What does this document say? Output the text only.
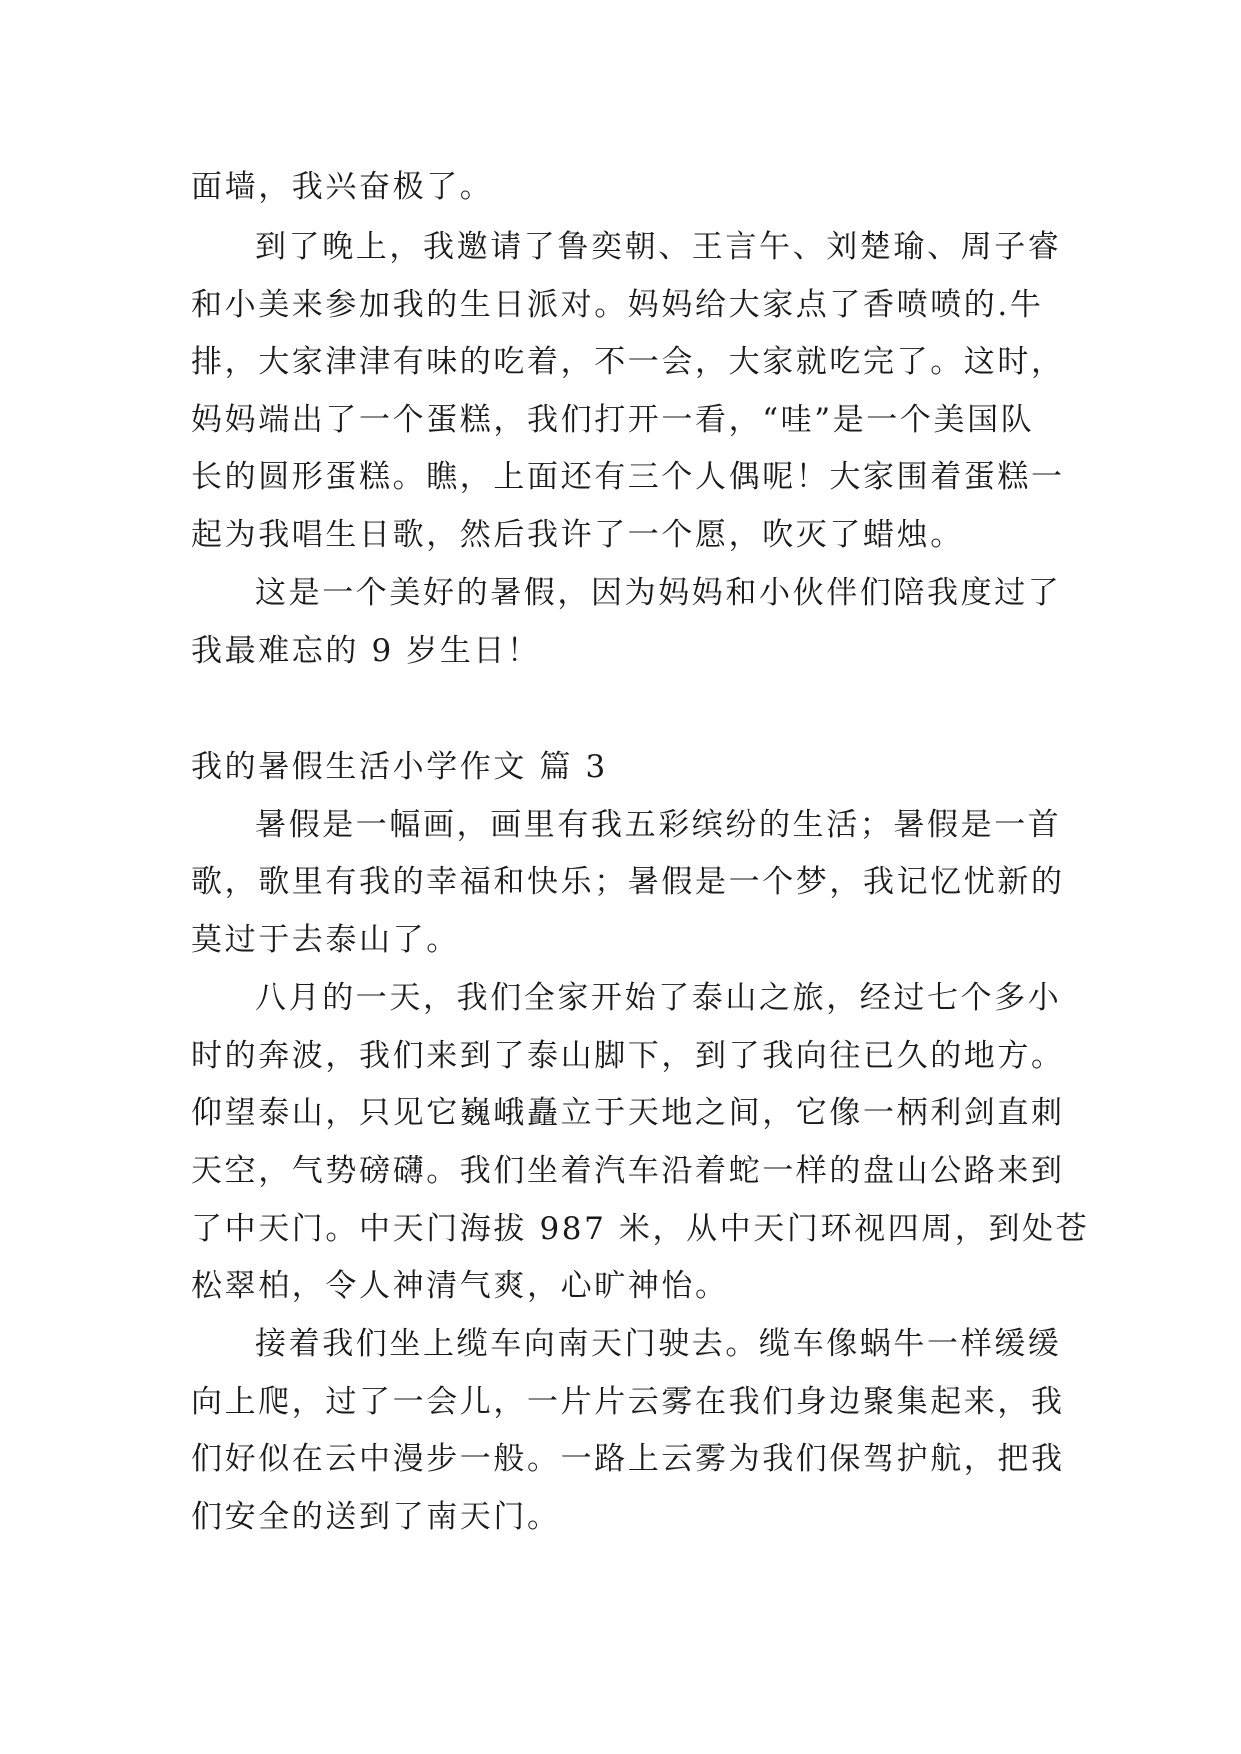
面墙，我兴奋极了。
到了晚上，我邀请了鲁奕朝、王言午、刘楚瑜、周子睿
和小美来参加我的生日派对。妈妈给大家点了香喷喷的.牛
排，大家津津有味的吃着，不一会，大家就吃完了。这时，
妈妈端出了一个蛋糕，我们打开一看，“哇”是一个美国队
长的圆形蛋糕。瞧，上面还有三个人偶呢！大家围着蛋糕一
起为我唱生日歌，然后我许了一个愿，吹灭了蜡烛。
这是一个美好的暑假，因为妈妈和小伙伴们陪我度过了
我最难忘的 9 岁生日！
我的暑假生活小学作文 篇 3
暑假是一幅画，画里有我五彩缤纷的生活；暑假是一首
歌，歌里有我的幸福和快乐；暑假是一个梦，我记忆忧新的
莫过于去泰山了。
八月的一天，我们全家开始了泰山之旅，经过七个多小
时的奔波，我们来到了泰山脚下，到了我向往已久的地方。
仰望泰山，只见它巍峨矗立于天地之间，它像一柄利剑直刺
天空，气势磅礴。我们坐着汽车沿着蛇一样的盘山公路来到
了中天门。中天门海拔 987 米，从中天门环视四周，到处苍
松翠柏，令人神清气爽，心旷神怡。
接着我们坐上缆车向南天门驶去。缆车像蜗牛一样缓缓
向上爬，过了一会儿，一片片云雾在我们身边聚集起来，我
们好似在云中漫步一般。一路上云雾为我们保驾护航，把我
们安全的送到了南天门。
